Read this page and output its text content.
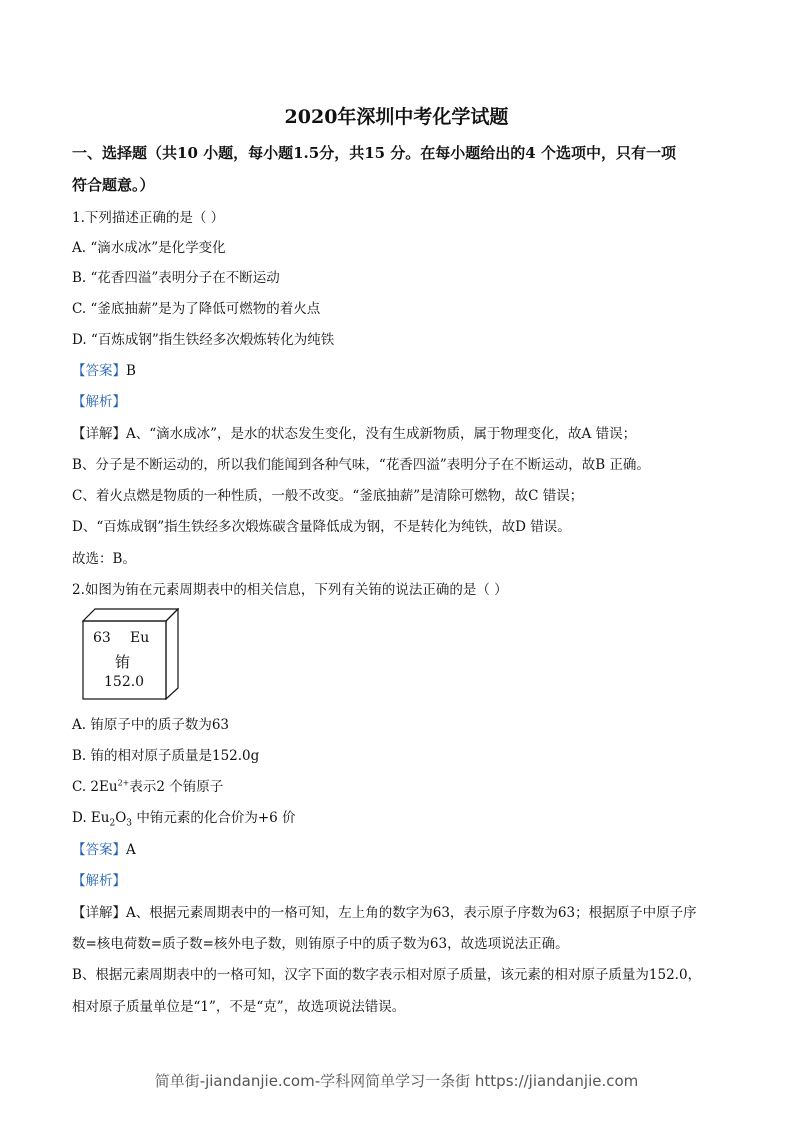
2020年深圳中考化学试题
一、选择题（共10 小题，每小题1.5分，共15 分。在每小题给出的4 个选项中，只有一项
符合题意。）
1.下列描述正确的是（ ）
A. “滴水成冰”是化学变化
B. “花香四溢”表明分子在不断运动
C. “釜底抽薪”是为了降低可燃物的着火点
D. “百炼成钢”指生铁经多次煅炼转化为纯铁
【答案】B
【解析】
【详解】A、“滴水成冰”，是水的状态发生变化，没有生成新物质，属于物理变化，故A 错误；
B、分子是不断运动的，所以我们能闻到各种气味，“花香四溢”表明分子在不断运动，故B 正确。
C、着火点燃是物质的一种性质，一般不改变。“釜底抽薪”是清除可燃物，故C 错误；
D、“百炼成钢”指生铁经多次煅炼碳含量降低成为钢，不是转化为纯铁，故D 错误。
故选：B。
2.如图为铕在元素周期表中的相关信息，下列有关铕的说法正确的是（ ）
63 Eu
铕
152.0
A. 铕原子中的质子数为63
B. 铕的相对原子质量是152.0g
C. $2Eu^{2+}$表示2 个铕原子
D. $Eu_2O_3$ 中铕元素的化合价为+6 价
【答案】A
【解析】
【详解】A、根据元素周期表中的一格可知，左上角的数字为63，表示原子序数为63；根据原子中原子序
数=核电荷数=质子数=核外电子数，则铕原子中的质子数为63，故选项说法正确。
B、根据元素周期表中的一格可知，汉字下面的数字表示相对原子质量，该元素的相对原子质量为152.0，
相对原子质量单位是“1”，不是“克”，故选项说法错误。
简单街-jiandanjie.com-学科网简单学习一条街 https://jiandanjie.com
